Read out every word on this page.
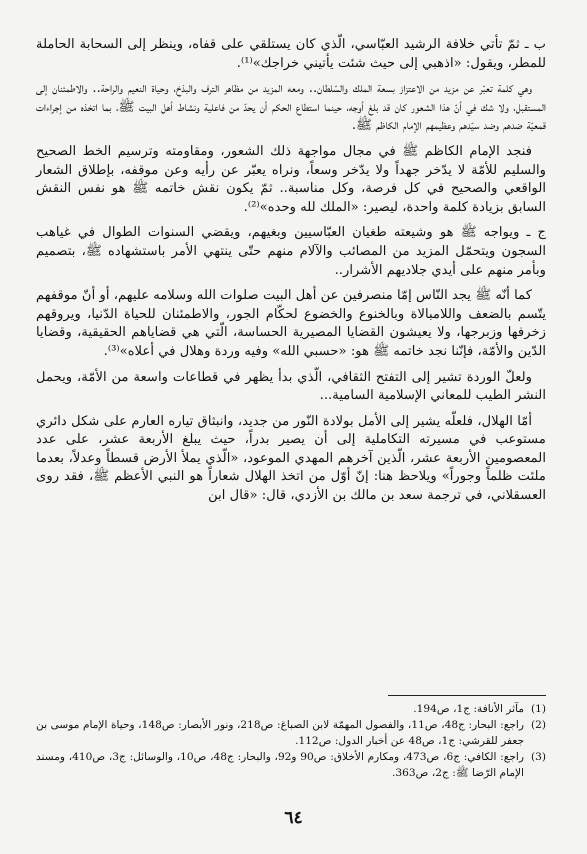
ب ـ ثمّ تأتي خلافة الرشيد العبّاسي، الّذي كان يستلقي على قفاه، وينظر إلى السحابة الحاملة للمطر، ويقول: «اذهبي إلى حيث شئت يأتيني خراجك»⁽¹⁾.

وهي كلمة تعبّر عن مزيد من الاعتزاز بسعة الملك والسّلطان.. ومعه المزيد من مظاهر الترف والبذخ، وحياة النعيم والراحة.. والاطمئنان إلى المستقبل، ولا شك في أنّ هذا الشعور كان قد بلغ أوجه، حينما استطاع الحكم أن يحدّ من فاعلية ونشاط أهل البيت ﷺ، بما اتخذه من إجراءات قمعيّة ضدهم وضد سيّدهم وعظيمهم الإمام الكاظم ﷺ.

فنجد الإمام الكاظم ﷺ في مجال مواجهة ذلك الشعور، ومقاومته وترسيم الخط الصحيح والسليم للأمّة لا يدّخر جهداً ولا يدّخر وسعاً، ونراه يعبّر عن رأيه وعن موقفه، بإطلاق الشعار الواقعي والصحيح في كل فرصة، وكل مناسبة.. ثمّ يكون نقش خاتمه ﷺ هو نفس النقش السابق بزيادة كلمة واحدة، ليصير: «الملك لله وحده»⁽²⁾.

ج ـ ويواجه ﷺ هو وشيعته طغيان العبّاسيين وبغيهم، ويقضي السنوات الطوال في غياهب السجون ويتحمّل المزيد من المصائب والآلام منهم حتّى ينتهي الأمر باستشهاده ﷺ، بتصميم وبأمر منهم على أيدي جلاديهم الأشرار..

كما أنّه ﷺ يجد النّاس إمّا منصرفين عن أهل البيت صلوات الله وسلامه عليهم، أو أنّ موقفهم يتّسم بالضعف واللامبالاة وبالخنوع والخضوع لحكّام الجور، والاطمئنان للحياة الدّنيا، ويروقهم زخرفها وزبرجها، ولا يعيشون القضايا المصيرية الحساسة، الّتي هي قضاياهم الحقيقية، وقضايا الدّين والأمّة، فإنّنا نجد خاتمه ﷺ هو: «حسبي الله» وفيه وردة وهلال في أعلاه»⁽³⁾.

ولعلّ الوردة تشير إلى التفتح الثقافي، الّذي بدأ يظهر في قطاعات واسعة من الأمّة، ويحمل النشر الطيب للمعاني الإسلامية السامية...

أمّا الهلال، فلعلّه يشير إلى الأمل بولادة النّور من جديد، وانبثاق تياره العارم على شكل دائري مستوعب في مسيرته التكاملية إلى أن يصير بدراً، حيث يبلغ الأربعة عشر، على عدد المعصومين الأربعة عشر، الّذين آخرهم المهدي الموعود، «الّذي يملأ الأرض قسطاً وعدلاً، بعدما ملئت ظلماً وجوراً» ويلاحظ هنا: إنّ أوّل من اتخذ الهلال شعاراً هو النبي الأعظم ﷺ، فقد روى العسقلاني، في ترجمة سعد بن مالك بن الأزدي، قال: «قال ابن

(1)
مآثر الأنافة: ج1، ص194.
(2)
راجع: البحار: ج48، ص11، والفصول المهمّة لابن الصباغ: ص218، ونور الأبصار: ص148، وحياة الإمام موسى بن جعفر للقرشي: ج1، ص48 عن أخبار الدول: ص112.
(3)
راجع: الكافي: ج6، ص473، ومكارم الأخلاق: ص90 و92، والبحار: ج48، ص10، والوسائل: ج3، ص410، ومسند الإمام الرّضا ﷺ: ج2، ص363.
٦٤
